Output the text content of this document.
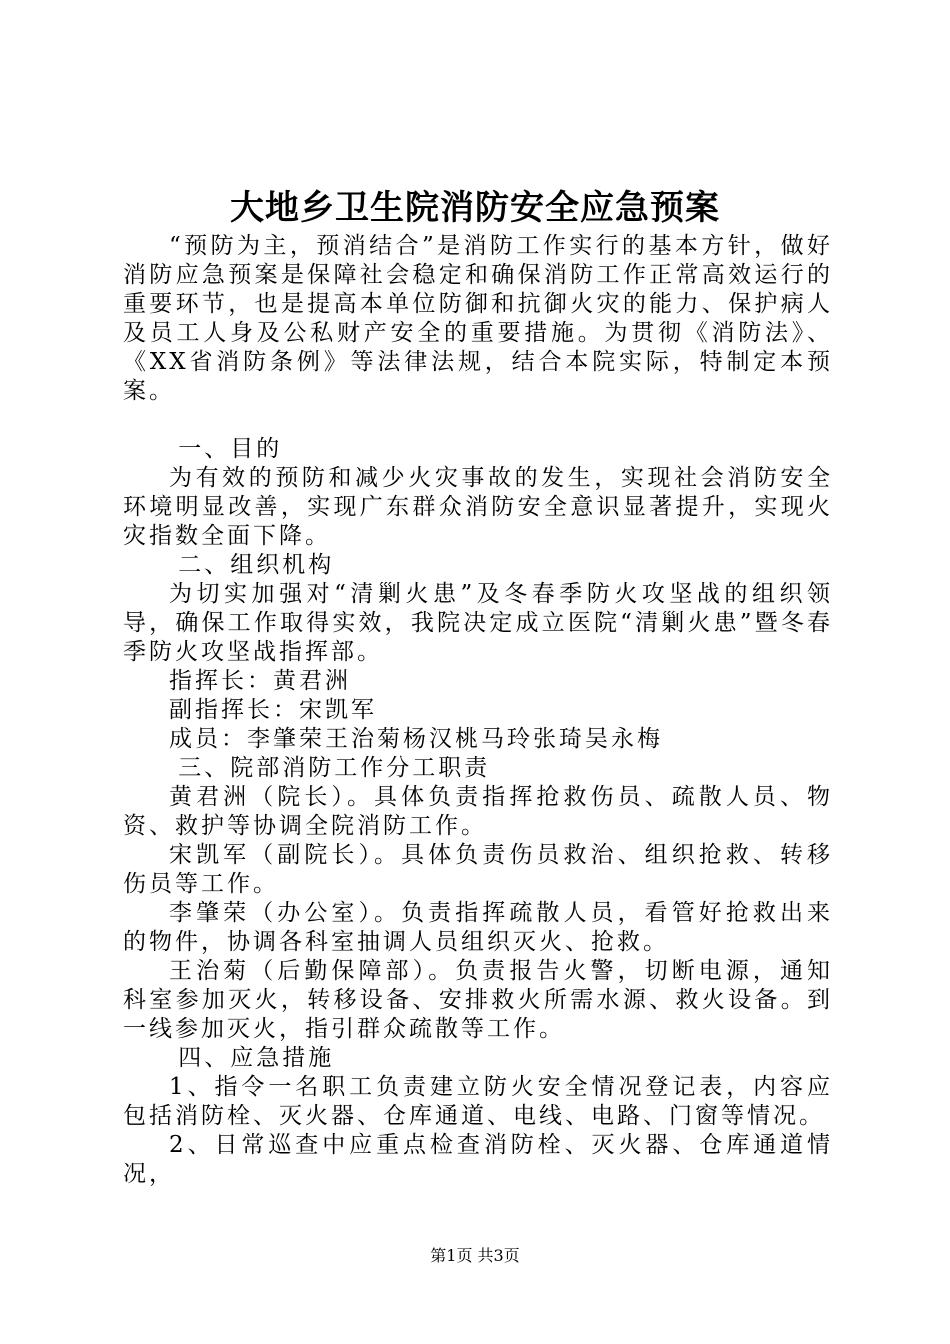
大地乡卫生院消防安全应急预案

“预防为主，预消结合”是消防工作实行的基本方针，做好消防应急预案是保障社会稳定和确保消防工作正常高效运行的重要环节，也是提高本单位防御和抗御火灾的能力、保护病人及员工人身及公私财产安全的重要措施。为贯彻《消防法》、《XX省消防条例》等法律法规，结合本院实际，特制定本预案。

一、目的

为有效的预防和减少火灾事故的发生，实现社会消防安全环境明显改善，实现广东群众消防安全意识显著提升，实现火灾指数全面下降。

二、组织机构

为切实加强对“清剿火患”及冬春季防火攻坚战的组织领导，确保工作取得实效，我院决定成立医院“清剿火患”暨冬春季防火攻坚战指挥部。

指挥长：黄君洲

副指挥长：宋凯军

成员：李肇荣王治菊杨汉桃马玲张琦吴永梅

三、院部消防工作分工职责

黄君洲（院长）。具体负责指挥抢救伤员、疏散人员、物资、救护等协调全院消防工作。

宋凯军（副院长）。具体负责伤员救治、组织抢救、转移伤员等工作。

李肇荣（办公室）。负责指挥疏散人员，看管好抢救出来的物件，协调各科室抽调人员组织灭火、抢救。

王治菊（后勤保障部）。负责报告火警，切断电源，通知科室参加灭火，转移设备、安排救火所需水源、救火设备。到一线参加灭火，指引群众疏散等工作。

四、应急措施

1、指令一名职工负责建立防火安全情况登记表，内容应包括消防栓、灭火器、仓库通道、电线、电路、门窗等情况。

2、日常巡查中应重点检查消防栓、灭火器、仓库通道情况，

第1页 共3页
